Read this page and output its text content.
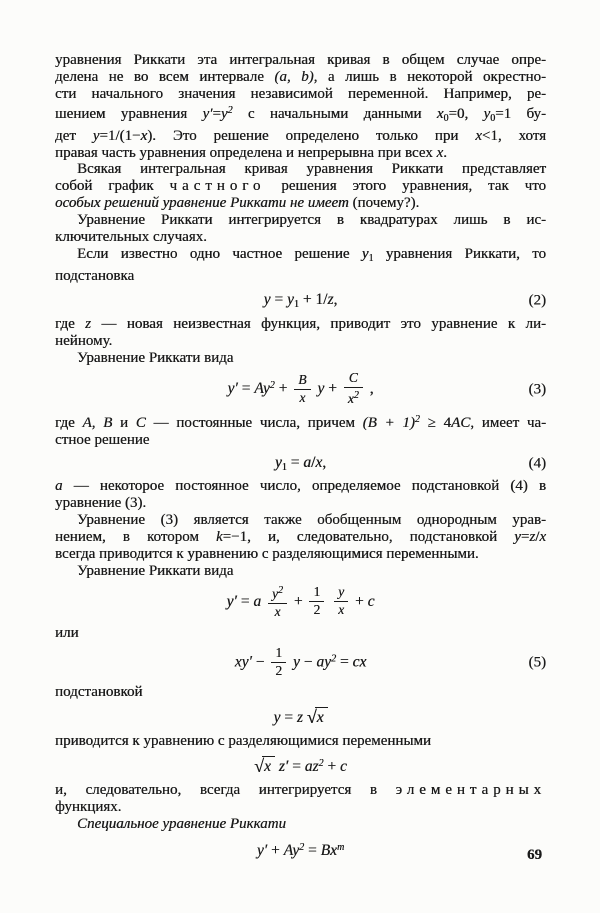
уравнения Риккати эта интегральная кривая в общем случае опре-
делена не во всем интервале (a, b), а лишь в некоторой окрестно-
сти начального значения независимой переменной. Например, ре-
шением уравнения $y'=y^2$ с начальными данными $x_0=0$, $y_0=1$ бу-
дет y=1/(1−x). Это решение определено только при x<1, хотя
правая часть уравнения определена и непрерывна при всех x.
Всякая интегральная кривая уравнения Риккати представляет
собой график частного решения этого уравнения, так что
особых решений уравнение Риккати не имеет (почему?).
Уравнение Риккати интегрируется в квадратурах лишь в ис-
ключительных случаях.
Если известно одно частное решение $y_1$ уравнения Риккати, то
подстановка
$y = y_1 + 1/z$,	(2)
где z — новая неизвестная функция, приводит это уравнение к ли-
нейному.
Уравнение Риккати вида
$y' = Ay^2 + \frac{B}{x}$ $y + \frac{C}{x^2}$ ,	(3)
где A, B и C — постоянные числа, причем $(B + 1)^2 \ge 4AC$, имеет ча-
стное решение
$y_1 = a/x$,	(4)
a — некоторое постоянное число, определяемое подстановкой (4) в
уравнение (3).
Уравнение (3) является также обобщенным однородным урав-
нением, в котором k=−1, и, следовательно, подстановкой y=z/x
всегда приводится к уравнению с разделяющимися переменными.
Уравнение Риккати вида
y′ = a $\frac{y^2}{x} + \frac{1}{2}$
$\frac{y}{x} + c$
или
$xy' - \frac{1}{2}$ $y - ay^2$ = cx	(5)
подстановкой
y = z √x
приводится к уравнению с разделяющимися переменными
√x $z' = az^2 + c$
и, следовательно, всегда интегрируется в элементарных
функциях.
Специальное уравнение Риккати
$y' + Ay^2 = Bx^m$	69
